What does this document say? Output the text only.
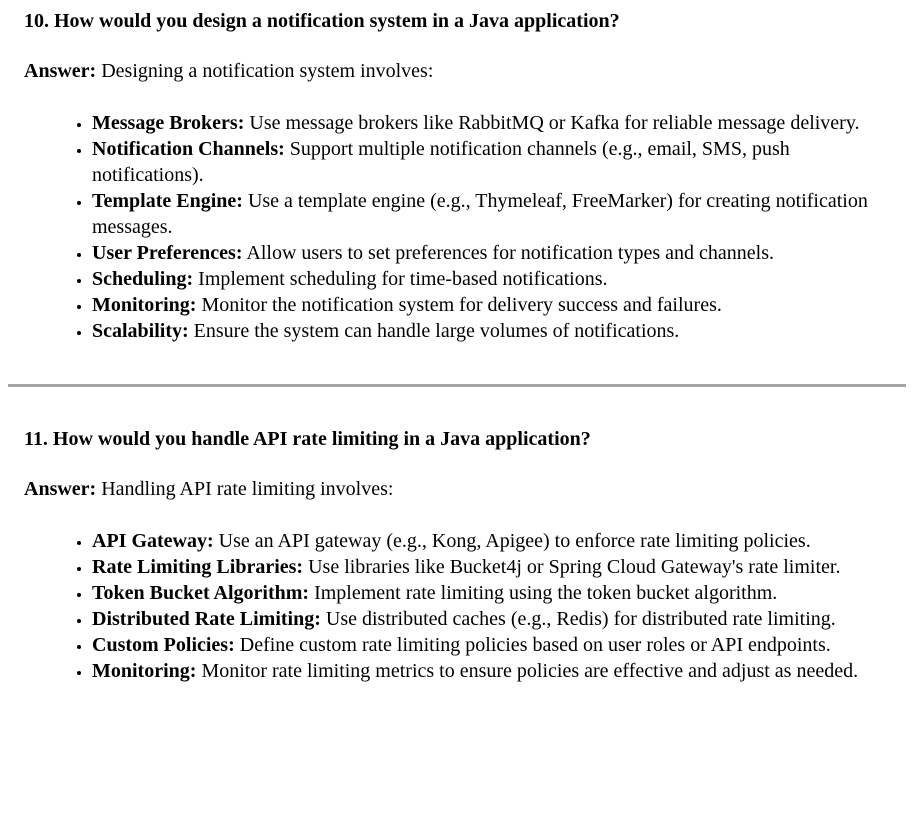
10. How would you design a notification system in a Java application?

Answer: Designing a notification system involves:

• Message Brokers: Use message brokers like RabbitMQ or Kafka for reliable message delivery.
• Notification Channels: Support multiple notification channels (e.g., email, SMS, push notifications).
• Template Engine: Use a template engine (e.g., Thymeleaf, FreeMarker) for creating notification messages.
• User Preferences: Allow users to set preferences for notification types and channels.
• Scheduling: Implement scheduling for time-based notifications.
• Monitoring: Monitor the notification system for delivery success and failures.
• Scalability: Ensure the system can handle large volumes of notifications.

11. How would you handle API rate limiting in a Java application?

Answer: Handling API rate limiting involves:

• API Gateway: Use an API gateway (e.g., Kong, Apigee) to enforce rate limiting policies.
• Rate Limiting Libraries: Use libraries like Bucket4j or Spring Cloud Gateway's rate limiter.
• Token Bucket Algorithm: Implement rate limiting using the token bucket algorithm.
• Distributed Rate Limiting: Use distributed caches (e.g., Redis) for distributed rate limiting.
• Custom Policies: Define custom rate limiting policies based on user roles or API endpoints.
• Monitoring: Monitor rate limiting metrics to ensure policies are effective and adjust as needed.
